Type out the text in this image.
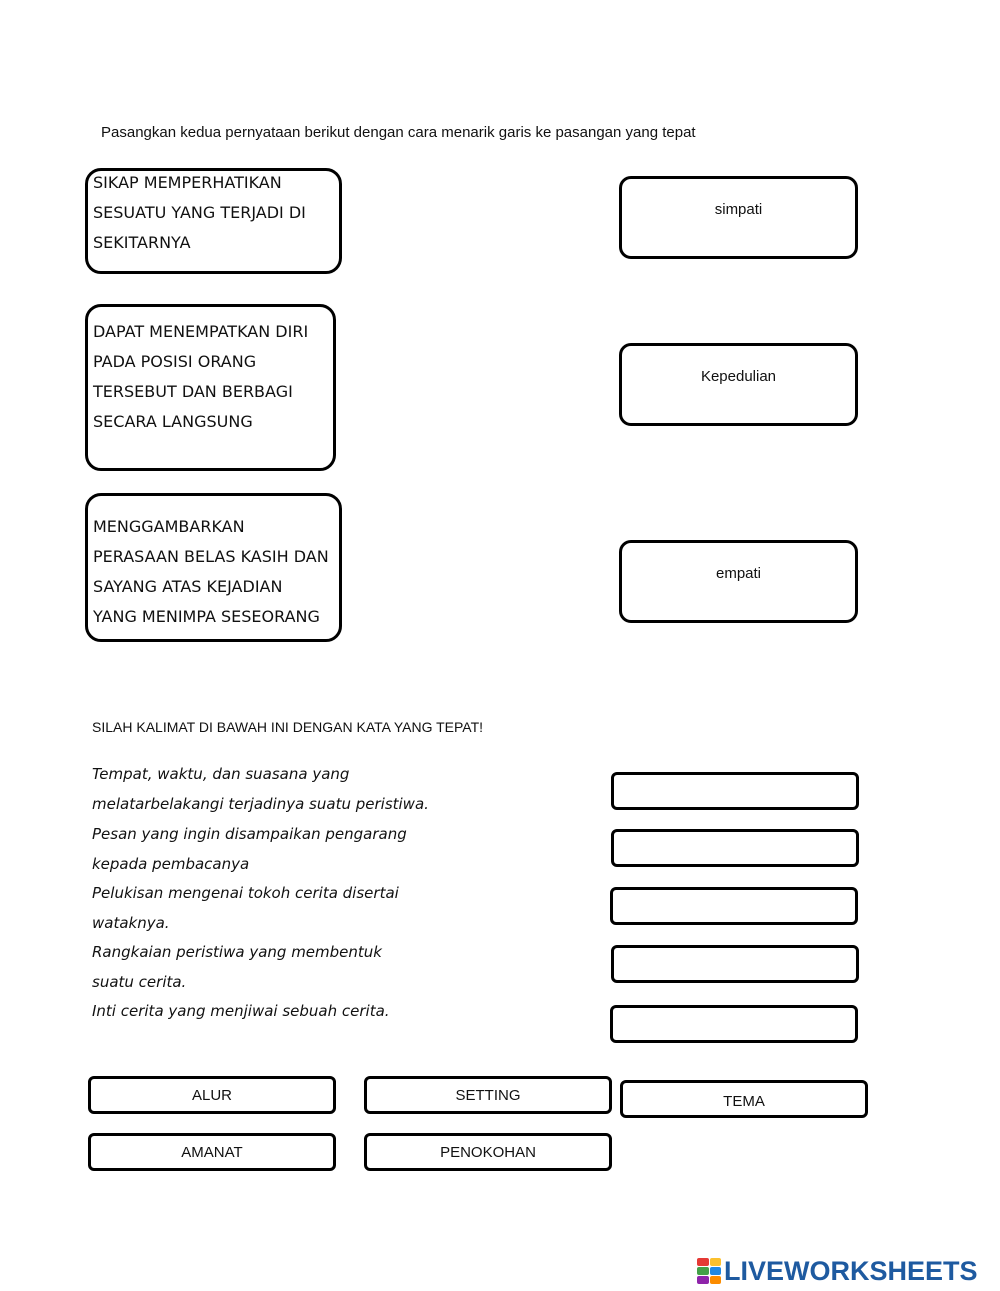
Pasangkan kedua pernyataan berikut dengan cara menarik garis ke pasangan yang tepat
SIKAP MEMPERHATIKAN
SESUATU YANG TERJADI DI
SEKITARNYA
DAPAT MENEMPATKAN DIRI
PADA POSISI ORANG
TERSEBUT DAN BERBAGI
SECARA LANGSUNG
MENGGAMBARKAN
PERASAAN BELAS KASIH DAN
SAYANG ATAS KEJADIAN
YANG MENIMPA SESEORANG
simpati
Kepedulian
empati
SILAH KALIMAT DI BAWAH INI DENGAN KATA YANG TEPAT!
Tempat, waktu, dan suasana yang
melatarbelakangi terjadinya suatu peristiwa.
Pesan yang ingin disampaikan pengarang
kepada pembacanya
Pelukisan mengenai tokoh cerita disertai
wataknya.
Rangkaian peristiwa yang membentuk
suatu cerita.
Inti cerita yang menjiwai sebuah cerita.
ALUR	SETTING	TEMA
AMANAT	PENOKOHAN
LIVEWORKSHEETS
